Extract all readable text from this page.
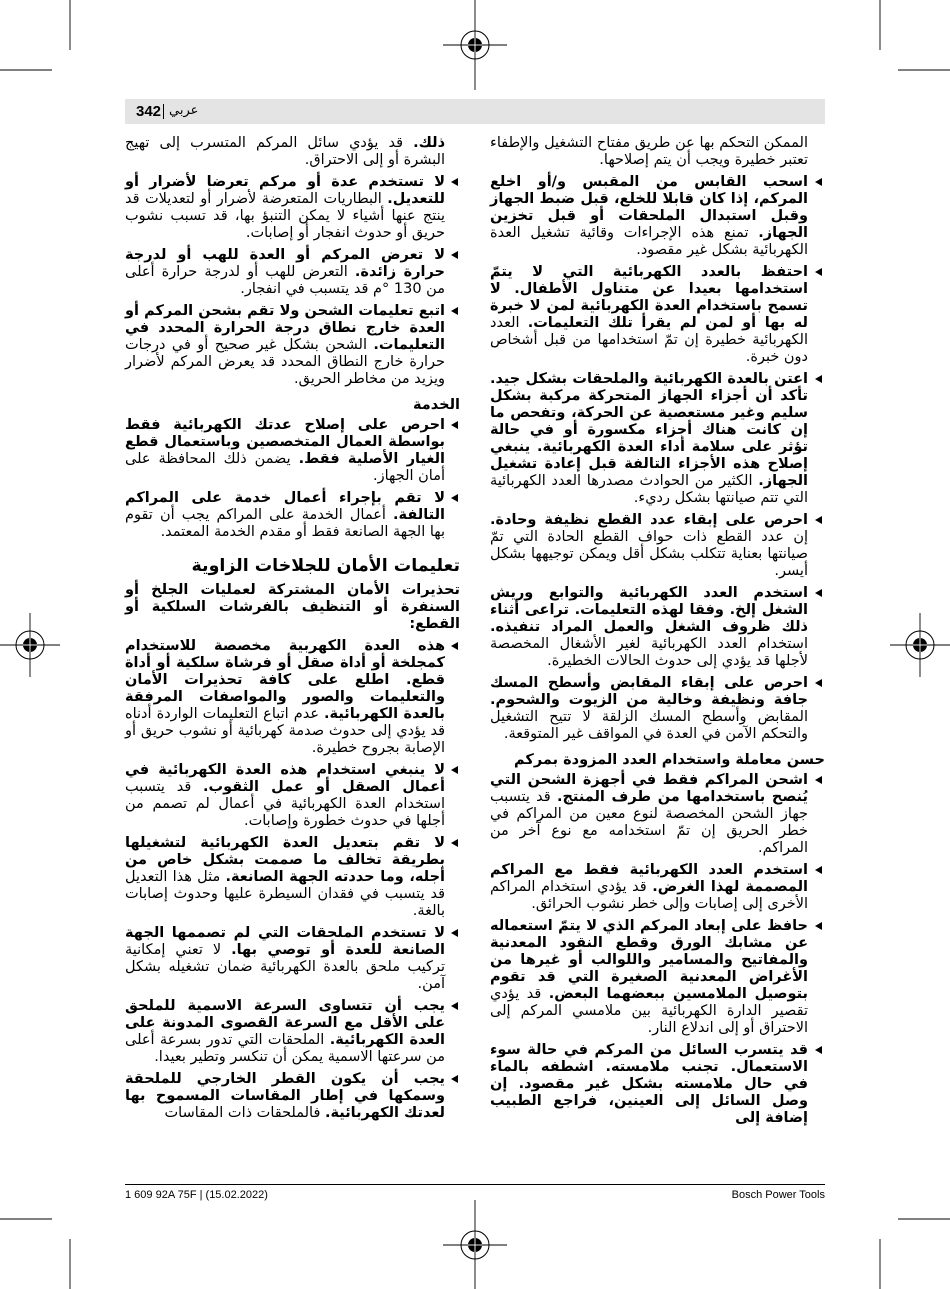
342 عربي

الممكن التحكم بها عن طريق مفتاح التشغيل والإطفاء تعتبر خطيرة ويجب أن يتم إصلاحها.

اسحب القابس من المقبس و/أو اخلع المركم، إذا كان قابلا للخلع، قبل ضبط الجهاز وقبل استبدال الملحقات أو قبل تخزين الجهاز. تمنع هذه الإجراءات وقائية تشغيل العدة الكهربائية بشكل غير مقصود.

احتفظ بالعدد الكهربائية التي لا يتمّ استخدامها بعيدا عن متناول الأطفال. لا تسمح باستخدام العدة الكهربائية لمن لا خبرة له بها أو لمن لم يقرأ تلك التعليمات. العدد الكهربائية خطيرة إن تمّ استخدامها من قبل أشخاص دون خبرة.

اعتن بالعدة الكهربائية والملحقات بشكل جيد. تأكد أن أجزاء الجهاز المتحركة مركبة بشكل سليم وغير مستعصية عن الحركة، وتفحص ما إن كانت هناك أجزاء مكسورة أو في حالة تؤثر على سلامة أداء العدة الكهربائية. ينبغي إصلاح هذه الأجزاء التالفة قبل إعادة تشغيل الجهاز. الكثير من الحوادث مصدرها العدد الكهربائية التي تتم صيانتها بشكل رديء.

احرص على إبقاء عدد القطع نظيفة وحادة. إن عدد القطع ذات حواف القطع الحادة التي تمّ صيانتها بعناية تتكلب بشكل أقل ويمكن توجيهها بشكل أيسر.

استخدم العدد الكهربائية والتوابع وريش الشغل إلخ. وفقا لهذه التعليمات. تراعى أثناء ذلك ظروف الشغل والعمل المراد تنفيذه. استخدام العدد الكهربائية لغير الأشغال المخصصة لأجلها قد يؤدي إلى حدوث الحالات الخطيرة.

احرص على إبقاء المقابض وأسطح المسك جافة ونظيفة وخالية من الزيوت والشحوم. المقابض وأسطح المسك الزلقة لا تتيح التشغيل والتحكم الآمن في العدة في المواقف غير المتوقعة.

حسن معاملة واستخدام العدد المزودة بمركم

اشحن المراكم فقط في أجهزة الشحن التي يُنصح باستخدامها من طرف المنتج. قد يتسبب جهاز الشحن المخصصة لنوع معين من المراكم في خطر الحريق إن تمّ استخدامه مع نوع آخر من المراكم.

استخدم العدد الكهربائية فقط مع المراكم المصممة لهذا الغرض. قد يؤدي استخدام المراكم الأخرى إلى إصابات وإلى خطر نشوب الحرائق.

حافظ على إبعاد المركم الذي لا يتمّ استعماله عن مشابك الورق وقطع النقود المعدنية والمفاتيح والمسامير واللوالب أو غيرها من الأغراض المعدنية الصغيرة التي قد تقوم بتوصيل الملامسين ببعضهما البعض. قد يؤدي تقصير الدارة الكهربائية بين ملامسي المركم إلى الاحتراق أو إلى اندلاع النار.

قد يتسرب السائل من المركم في حالة سوء الاستعمال. تجنب ملامسته. اشطفه بالماء في حال ملامسته بشكل غير مقصود. إن وصل السائل إلى العينين، فراجع الطبيب إضافة إلى

ذلك. قد يؤدي سائل المركم المتسرب إلى تهيج البشرة أو إلى الاحتراق.

لا تستخدم عدة أو مركم تعرضا لأضرار أو للتعديل. البطاريات المتعرضة لأضرار أو لتعديلات قد ينتج عنها أشياء لا يمكن التنبؤ بها، قد تسبب نشوب حريق أو حدوث انفجار أو إصابات.

لا تعرض المركم أو العدة للهب أو لدرجة حرارة زائدة. التعرض للهب أو لدرجة حرارة أعلى من 130 °م قد يتسبب في انفجار.

اتبع تعليمات الشحن ولا تقم بشحن المركم أو العدة خارج نطاق درجة الحرارة المحدد في التعليمات. الشحن بشكل غير صحيح أو في درجات حرارة خارج النطاق المحدد قد يعرض المركم لأضرار ويزيد من مخاطر الحريق.

الخدمة

احرص على إصلاح عدتك الكهربائية فقط بواسطة العمال المتخصصين وباستعمال قطع الغيار الأصلية فقط. يضمن ذلك المحافظة على أمان الجهاز.

لا تقم بإجراء أعمال خدمة على المراكم التالفة. أعمال الخدمة على المراكم يجب أن تقوم بها الجهة الصانعة فقط أو مقدم الخدمة المعتمد.

تعليمات الأمان للجلاخات الزاوية

تحذيرات الأمان المشتركة لعمليات الجلخ أو السنفرة أو التنظيف بالفرشات السلكية أو القطع:

هذه العدة الكهربية مخصصة للاستخدام كمجلخة أو أداة صقل أو فرشاة سلكية أو أداة قطع. اطلع على كافة تحذيرات الأمان والتعليمات والصور والمواصفات المرفقة بالعدة الكهربائية. عدم اتباع التعليمات الواردة أدناه قد يؤدي إلى حدوث صدمة كهربائية أو نشوب حريق أو الإصابة بجروح خطيرة.

لا ينبغي استخدام هذه العدة الكهربائية في أعمال الصقل أو عمل الثقوب. قد يتسبب استخدام العدة الكهربائية في أعمال لم تصمم من أجلها في حدوث خطورة وإصابات.

لا تقم بتعديل العدة الكهربائية لتشغيلها بطريقة تخالف ما صممت بشكل خاص من أجله، وما حددته الجهة الصانعة. مثل هذا التعديل قد يتسبب في فقدان السيطرة عليها وحدوث إصابات بالغة.

لا تستخدم الملحقات التي لم تصممها الجهة الصانعة للعدة أو توصي بها. لا تعني إمكانية تركيب ملحق بالعدة الكهربائية ضمان تشغيله بشكل آمن.

يجب أن تتساوى السرعة الاسمية للملحق على الأقل مع السرعة القصوى المدونة على العدة الكهربائية. الملحقات التي تدور بسرعة أعلى من سرعتها الاسمية يمكن أن تنكسر وتطير بعيدا.

يجب أن يكون القطر الخارجي للملحقة وسمكها في إطار المقاسات المسموح بها لعدتك الكهربائية. فالملحقات ذات المقاسات

1 609 92A 75F | (15.02.2022)	Bosch Power Tools
